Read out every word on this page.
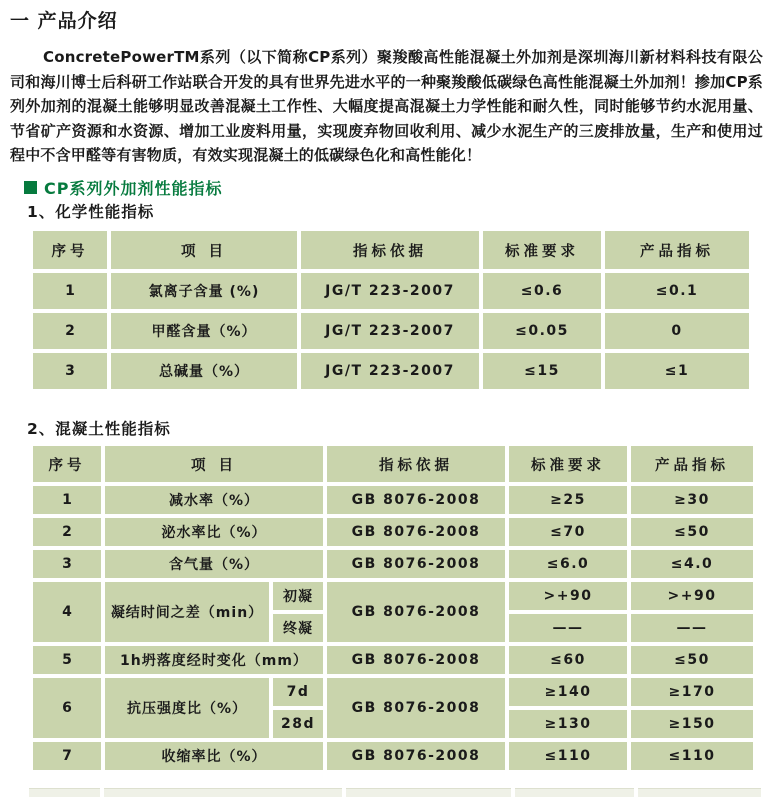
一 产品介绍
ConcretePowerTM系列（以下简称CP系列）聚羧酸高性能混凝土外加剂是深圳海川新材料科技有限公司和海川博士后科研工作站联合开发的具有世界先进水平的一种聚羧酸低碳绿色高性能混凝土外加剂！掺加CP系列外加剂的混凝土能够明显改善混凝土工作性、大幅度提高混凝土力学性能和耐久性，同时能够节约水泥用量、节省矿产资源和水资源、增加工业废料用量，实现废弃物回收利用、减少水泥生产的三废排放量，生产和使用过程中不含甲醛等有害物质，有效实现混凝土的低碳绿色化和高性能化！
CP系列外加剂性能指标
1、化学性能指标
序号	项 目	指标依据	标准要求	产品指标
1	氯离子含量 (%)	JG/T 223-2007	≤0.6	≤0.1
2	甲醛含量（%）	JG/T 223-2007	≤0.05	0
3	总碱量（%）	JG/T 223-2007	≤15	≤1
2、混凝土性能指标
序号	项 目		指标依据	标准要求	产品指标
1	减水率（%）		GB 8076-2008	≥25	≥30
2	泌水率比（%）		GB 8076-2008	≤70	≤50
3	含气量（%）		GB 8076-2008	≤6.0	≤4.0
4	凝结时间之差（min）	初凝	GB 8076-2008	>+90	>+90
		终凝		——	——
5	1h坍落度经时变化（mm）		GB 8076-2008	≤60	≤50
6	抗压强度比（%）	7d	GB 8076-2008	≥140	≥170
		28d		≥130	≥150
7	收缩率比（%）		GB 8076-2008	≤110	≤110
